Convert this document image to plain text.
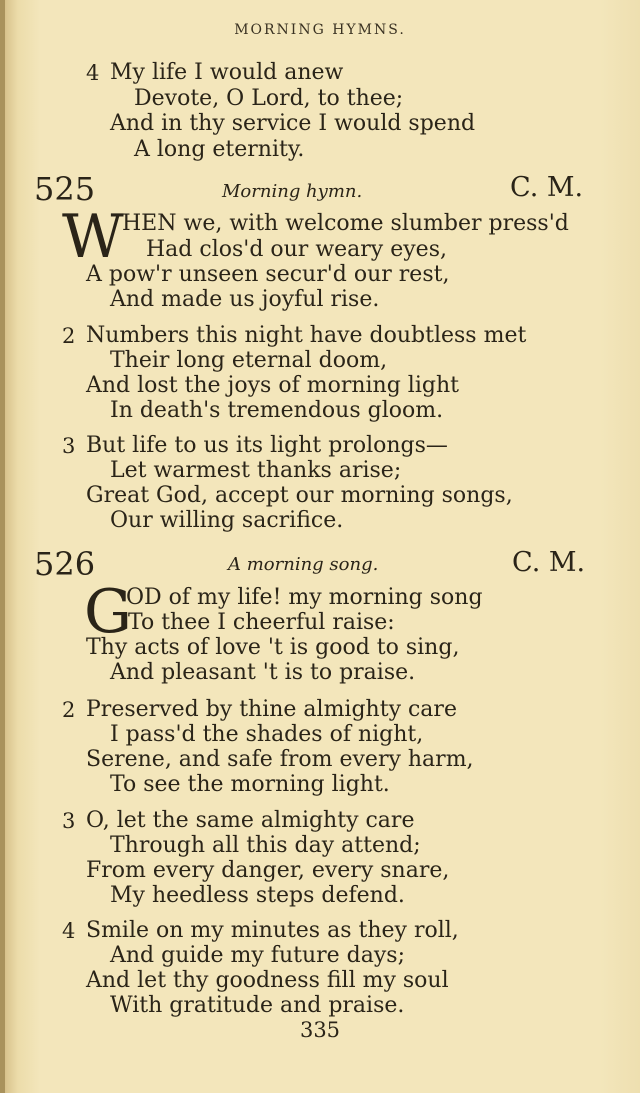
MORNING HYMNS.
4 My life I would anew
Devote, O Lord, to thee;
And in thy service I would spend
A long eternity.
525	Morning hymn.	C. M.
W
HEN we, with welcome slumber press'd
Had clos'd our weary eyes,
A pow'r unseen secur'd our rest,
And made us joyful rise.
2 Numbers this night have doubtless met
Their long eternal doom,
And lost the joys of morning light
In death's tremendous gloom.
3 But life to us its light prolongs—
Let warmest thanks arise;
Great God, accept our morning songs,
Our willing sacrifice.
526	A morning song.	C. M.
G
OD of my life! my morning song
To thee I cheerful raise:
Thy acts of love 't is good to sing,
And pleasant 't is to praise.
2 Preserved by thine almighty care
I pass'd the shades of night,
Serene, and safe from every harm,
To see the morning light.
3 O, let the same almighty care
Through all this day attend;
From every danger, every snare,
My heedless steps defend.
4 Smile on my minutes as they roll,
And guide my future days;
And let thy goodness fill my soul
With gratitude and praise.
335
